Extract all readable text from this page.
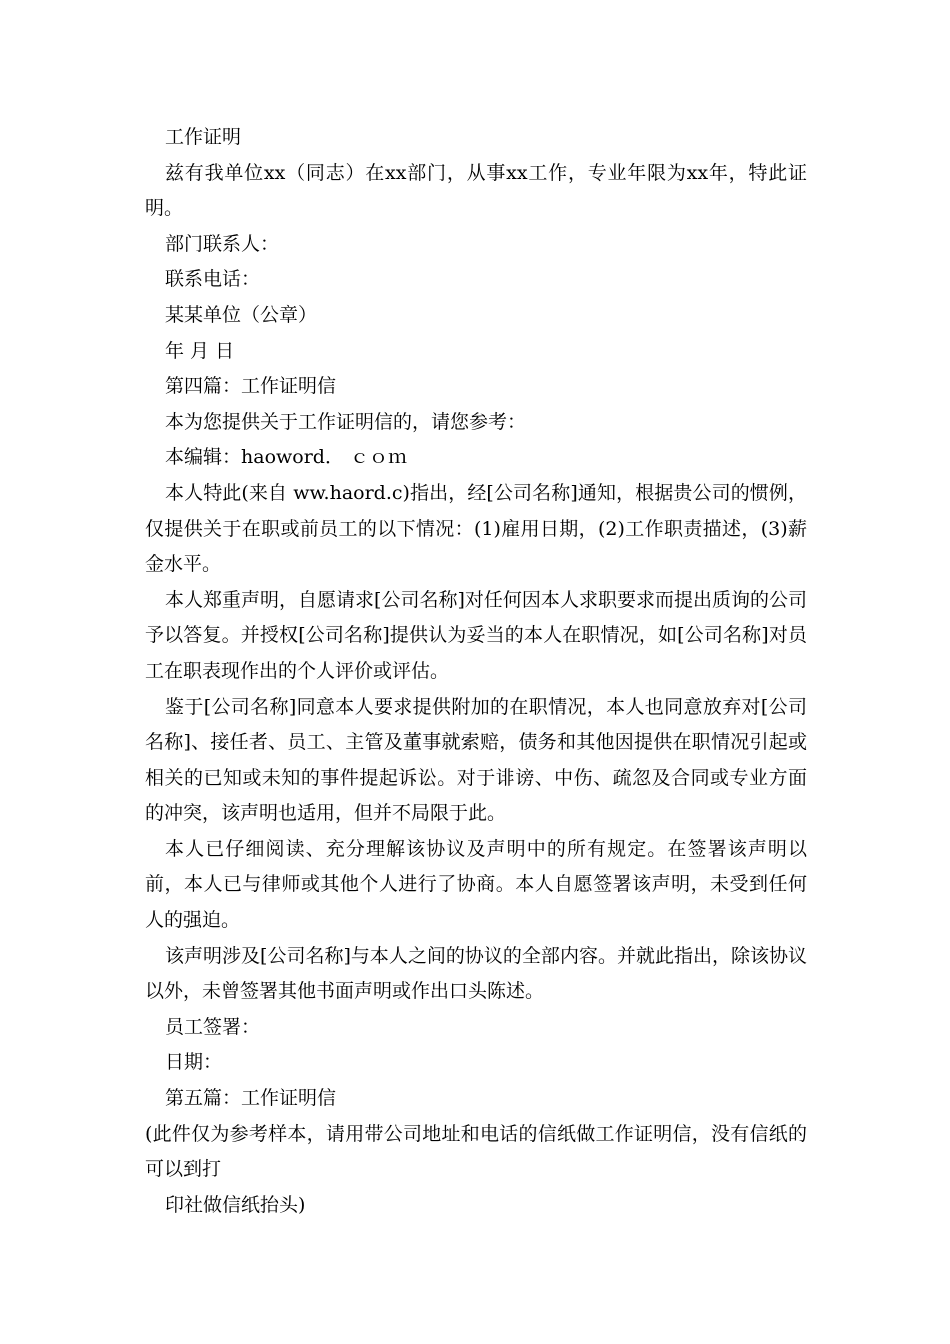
工作证明

兹有我单位xx（同志）在xx部门，从事xx工作，专业年限为xx年，特此证明。

部门联系人：

联系电话：

某某单位（公章）

年 月 日

第四篇：工作证明信

本为您提供关于工作证明信的，请您参考：

本编辑：haoword． ｃｏｍ

本人特此(来自 ww.haord.c)指出，经[公司名称]通知，根据贵公司的惯例，仅提供关于在职或前员工的以下情况：(1)雇用日期，(2)工作职责描述，(3)薪金水平。

本人郑重声明，自愿请求[公司名称]对任何因本人求职要求而提出质询的公司予以答复。并授权[公司名称]提供认为妥当的本人在职情况，如[公司名称]对员工在职表现作出的个人评价或评估。

鉴于[公司名称]同意本人要求提供附加的在职情况，本人也同意放弃对[公司名称]、接任者、员工、主管及董事就索赔，债务和其他因提供在职情况引起或相关的已知或未知的事件提起诉讼。对于诽谤、中伤、疏忽及合同或专业方面的冲突，该声明也适用，但并不局限于此。

本人已仔细阅读、充分理解该协议及声明中的所有规定。在签署该声明以前，本人已与律师或其他个人进行了协商。本人自愿签署该声明，未受到任何人的强迫。

该声明涉及[公司名称]与本人之间的协议的全部内容。并就此指出，除该协议以外，未曾签署其他书面声明或作出口头陈述。

员工签署：

日期：

第五篇：工作证明信

(此件仅为参考样本，请用带公司地址和电话的信纸做工作证明信，没有信纸的可以到打

印社做信纸抬头)
